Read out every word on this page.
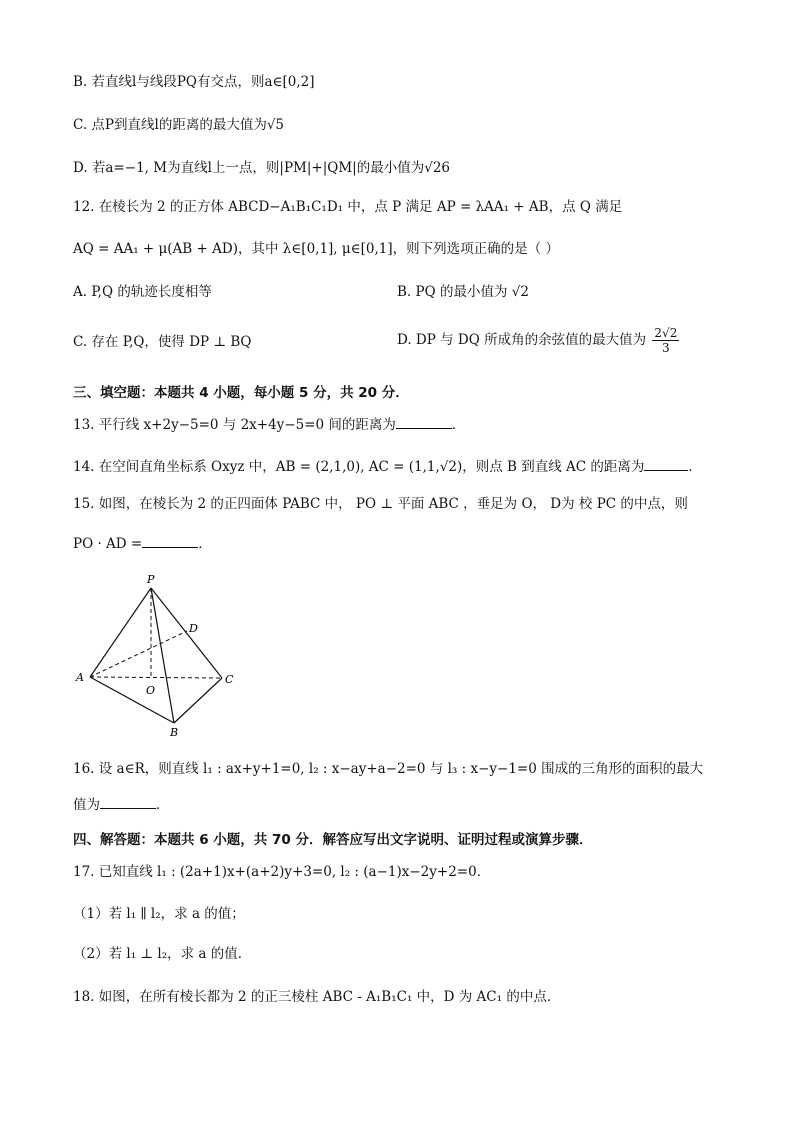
B. 若直线l与线段PQ有交点，则a∈[0,2]
C. 点P到直线l的距离的最大值为√5
D. 若a=−1, M为直线l上一点，则|PM|+|QM|的最小值为√26
12. 在棱长为 2 的正方体 ABCD−A₁B₁C₁D₁ 中，点 P 满足 AP = λAA₁ + AB，点 Q 满足
AQ = AA₁ + μ(AB + AD)，其中 λ∈[0,1], μ∈[0,1]，则下列选项正确的是（ ）
A. P,Q 的轨迹长度相等	B. PQ 的最小值为 √2
C. 存在 P,Q，使得 DP ⊥ BQ	D. DP 与 DQ 所成角的余弦值的最大值为 $\frac{2√2}{3}$
三、填空题：本题共 4 小题，每小题 5 分，共 20 分．
13. 平行线 x+2y−5=0 与 2x+4y−5=0 间的距离为	．
14. 在空间直角坐标系 Oxyz 中，AB = (2,1,0), AC = (1,1,√2)，则点 B 到直线 AC 的距离为	．
15. 如图，在棱长为 2 的正四面体 PABC 中， PO ⊥ 平面 ABC ，垂足为 O， D为 校 PC 的中点，则
PO · AD =	．
P
D
A
O
C
B
16. 设 a∈R，则直线 l₁ : ax+y+1=0, l₂ : x−ay+a−2=0 与 l₃ : x−y−1=0 围成的三角形的面积的最大
值为	．
四、解答题：本题共 6 小题，共 70 分．解答应写出文字说明、证明过程或演算步骤．
17. 已知直线 l₁ : (2a+1)x+(a+2)y+3=0, l₂ : (a−1)x−2y+2=0．
（1）若 l₁ ∥ l₂，求 a 的值；
（2）若 l₁ ⊥ l₂，求 a 的值．
18. 如图，在所有棱长都为 2 的正三棱柱 ABC - A₁B₁C₁ 中，D 为 AC₁ 的中点．
